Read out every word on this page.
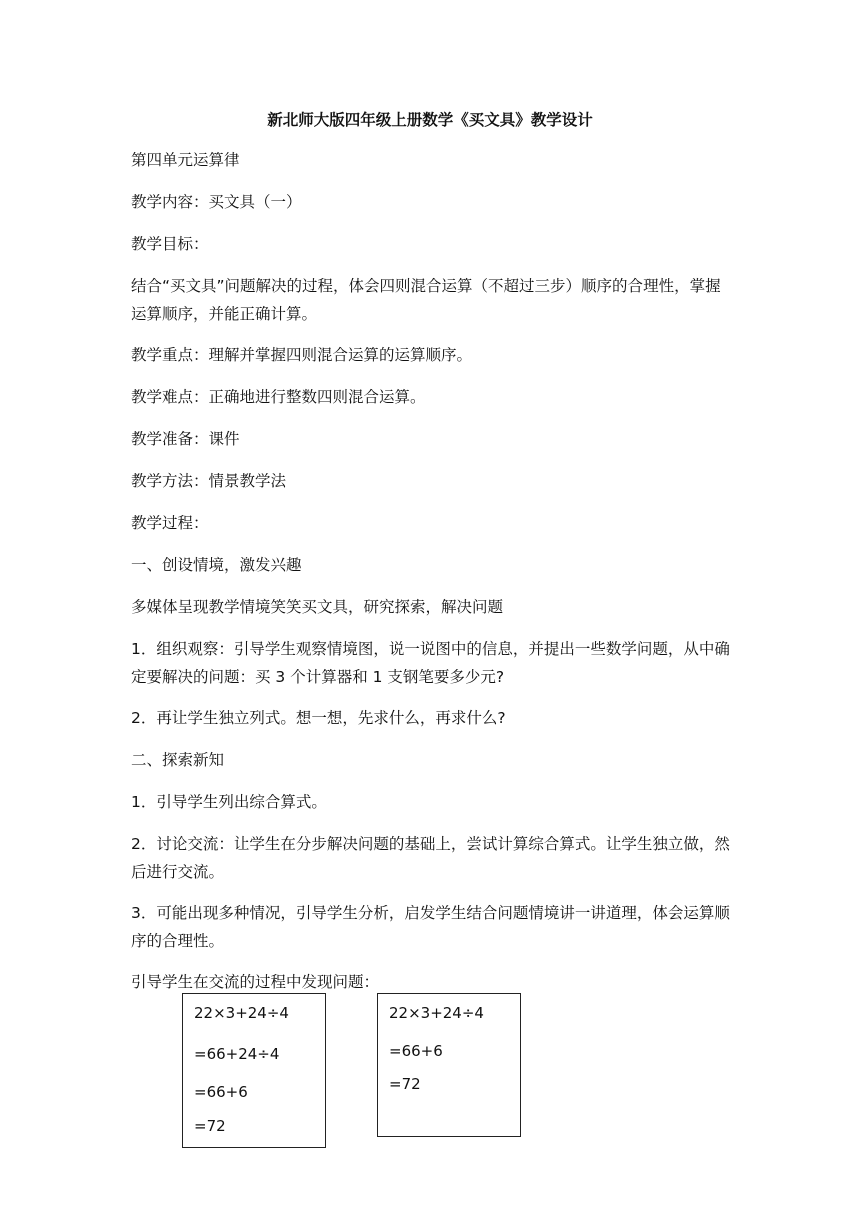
新北师大版四年级上册数学《买文具》教学设计

第四单元运算律

教学内容：买文具（一）

教学目标：

结合“买文具”问题解决的过程，体会四则混合运算（不超过三步）顺序的合理性，掌握运算顺序，并能正确计算。

教学重点：理解并掌握四则混合运算的运算顺序。

教学难点：正确地进行整数四则混合运算。

教学准备：课件

教学方法：情景教学法

教学过程：

一、创设情境，激发兴趣

多媒体呈现教学情境笑笑买文具，研究探索，解决问题

1．组织观察：引导学生观察情境图，说一说图中的信息，并提出一些数学问题，从中确定要解决的问题：买 3 个计算器和 1 支钢笔要多少元?

2．再让学生独立列式。想一想，先求什么，再求什么?

二、探索新知

1．引导学生列出综合算式。

2．讨论交流：让学生在分步解决问题的基础上，尝试计算综合算式。让学生独立做，然后进行交流。

3．可能出现多种情况，引导学生分析，启发学生结合问题情境讲一讲道理，体会运算顺序的合理性。

引导学生在交流的过程中发现问题：

22×3+24÷4

=66+24÷4

=66+6

=72

22×3+24÷4

=66+6

=72
